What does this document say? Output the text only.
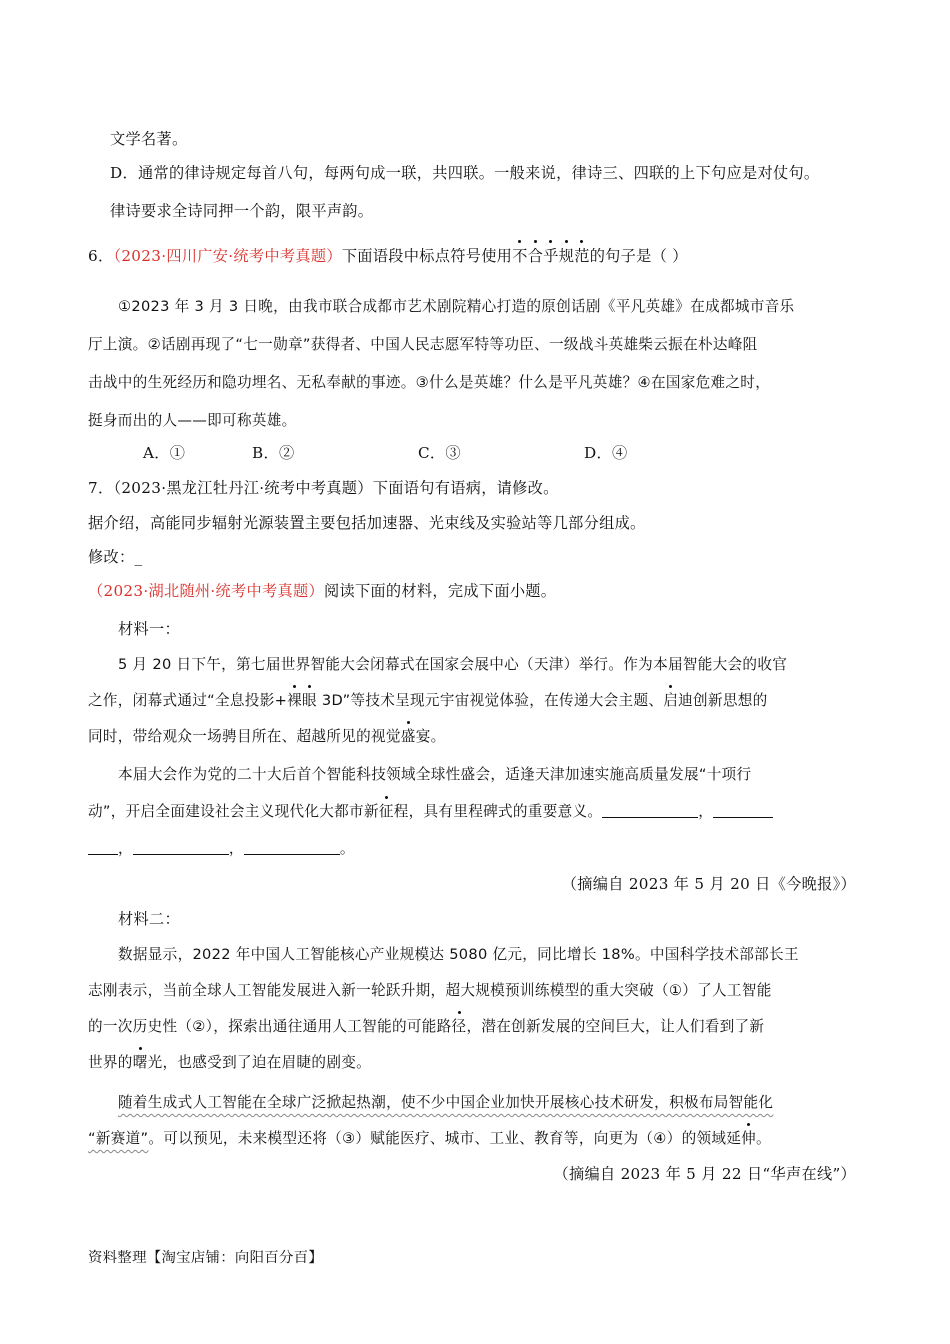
文学名著。
D．通常的律诗规定每首八句，每两句成一联，共四联。一般来说，律诗三、四联的上下句应是对仗句。
律诗要求全诗同押一个韵，限平声韵。
6．（2023·四川广安·统考中考真题）下面语段中标点符号使用不合乎规范的句子是（ ）
①2023 年 3 月 3 日晚，由我市联合成都市艺术剧院精心打造的原创话剧《平凡英雄》在成都城市音乐
厅上演。②话剧再现了“七一勋章”获得者、中国人民志愿军特等功臣、一级战斗英雄柴云振在朴达峰阻
击战中的生死经历和隐功埋名、无私奉献的事迹。③什么是英雄？什么是平凡英雄？④在国家危难之时，
挺身而出的人——即可称英雄。
A．①	B．②	C．③	D．④
7．（2023·黑龙江牡丹江·统考中考真题）下面语句有语病，请修改。
据介绍，高能同步辐射光源装置主要包括加速器、光束线及实验站等几部分组成。
修改：_
（2023·湖北随州·统考中考真题）阅读下面的材料，完成下面小题。
材料一：
5 月 20 日下午，第七届世界智能大会闭幕式在国家会展中心（天津）举行。作为本届智能大会的收官
之作，闭幕式通过“全息投影+裸眼 3D”等技术呈现元宇宙视觉体验，在传递大会主题、启迪创新思想的
同时，带给观众一场骋目所在、超越所见的视觉盛宴。
本届大会作为党的二十大后首个智能科技领域全球性盛会，适逢天津加速实施高质量发展“十项行
动”，开启全面建设社会主义现代化大都市新征程，具有里程碑式的重要意义。	，
，	，	。
（摘编自 2023 年 5 月 20 日《今晚报》）
材料二：
数据显示，2022 年中国人工智能核心产业规模达 5080 亿元，同比增长 18%。中国科学技术部部长王
志刚表示，当前全球人工智能发展进入新一轮跃升期，超大规模预训练模型的重大突破（①）了人工智能
的一次历史性（②），探索出通往通用人工智能的可能路径，潜在创新发展的空间巨大，让人们看到了新
世界的曙光，也感受到了迫在眉睫的剧变。
随着生成式人工智能在全球广泛掀起热潮，使不少中国企业加快开展核心技术研发，积极布局智能化
“新赛道”。可以预见，未来模型还将（③）赋能医疗、城市、工业、教育等，向更为（④）的领域延伸。
（摘编自 2023 年 5 月 22 日“华声在线”）
资料整理【淘宝店铺：向阳百分百】
